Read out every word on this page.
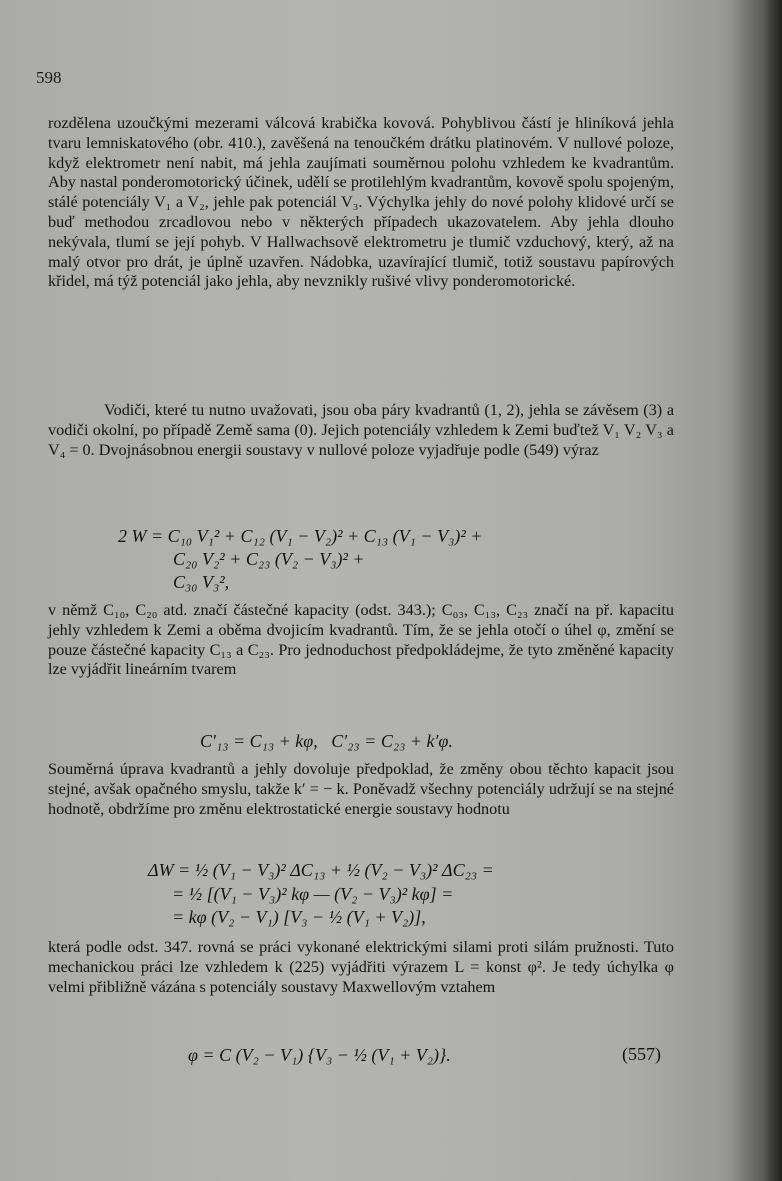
598

rozdělena uzoučkými mezerami válcová krabička kovová. Pohyblivou částí je hliníková jehla tvaru lemniskatového (obr. 410.), zavěšená na tenoučkém drátku platinovém. V nullové poloze, když elektrometr není nabit, má jehla zaujímati souměrnou polohu vzhledem ke kvadrantům. Aby nastal ponderomotorický účinek, udělí se protilehlým kvadrantům, kovově spolu spojeným, stálé potenciály V₁ a V₂, jehle pak potenciál V₃. Výchylka jehly do nové polohy klidové určí se buď methodou zrcadlovou nebo v některých případech ukazovatelem. Aby jehla dlouho nekývala, tlumí se její pohyb. V Hallwachsově elektrometru je tlumič vzduchový, který, až na malý otvor pro drát, je úplně uzavřen. Nádobka, uzavírající tlumič, totiž soustavu papírových křidel, má týž potenciál jako jehla, aby nevznikly rušivé vlivy ponderomotorické.

Vodiči, které tu nutno uvažovati, jsou oba páry kvadrantů (1, 2), jehla se závěsem (3) a vodiči okolní, po případě Země sama (0). Jejich potenciály vzhledem k Zemi buďtež V₁ V₂ V₃ a V₄ = 0. Dvojnásobnou energii soustavy v nullové poloze vyjadřuje podle (549) výraz

2 W = C₁₀ V₁² + C₁₂ (V₁ − V₂)² + C₁₃ (V₁ − V₃)² +
C₂₀ V₂² + C₂₃ (V₂ − V₃)² +
C₃₀ V₃²,

v němž C₁₀, C₂₀ atd. značí částečné kapacity (odst. 343.); C₀₃, C₁₃, C₂₃ značí na př. kapacitu jehly vzhledem k Zemi a oběma dvojicím kvadrantů. Tím, že se jehla otočí o úhel φ, změní se pouze částečné kapacity C₁₃ a C₂₃. Pro jednoduchost předpokládejme, že tyto změněné kapacity lze vyjádřit lineárním tvarem

C′₁₃ = C₁₃ + kφ,   C′₂₃ = C₂₃ + k′φ.

Souměrná úprava kvadrantů a jehly dovoluje předpoklad, že změny obou těchto kapacit jsou stejné, avšak opačného smyslu, takže k′ = − k. Poněvadž všechny potenciály udržují se na stejné hodnotě, obdržíme pro změnu elektrostatické energie soustavy hodnotu

ΔW = ½ (V₁ − V₃)² ΔC₁₃ + ½ (V₂ − V₃)² ΔC₂₃ =
= ½ [(V₁ − V₃)² kφ — (V₂ − V₃)² kφ] =
= kφ (V₂ − V₁) [V₃ − ½ (V₁ + V₂)],

která podle odst. 347. rovná se práci vykonané elektrickými silami proti silám pružnosti. Tuto mechanickou práci lze vzhledem k (225) vyjádřiti výrazem L = konst φ². Je tedy úchylka φ velmi přibližně vázána s potenciály soustavy Maxwellovým vztahem

φ = C (V₂ − V₁) {V₃ − ½ (V₁ + V₂)}.	(557)
